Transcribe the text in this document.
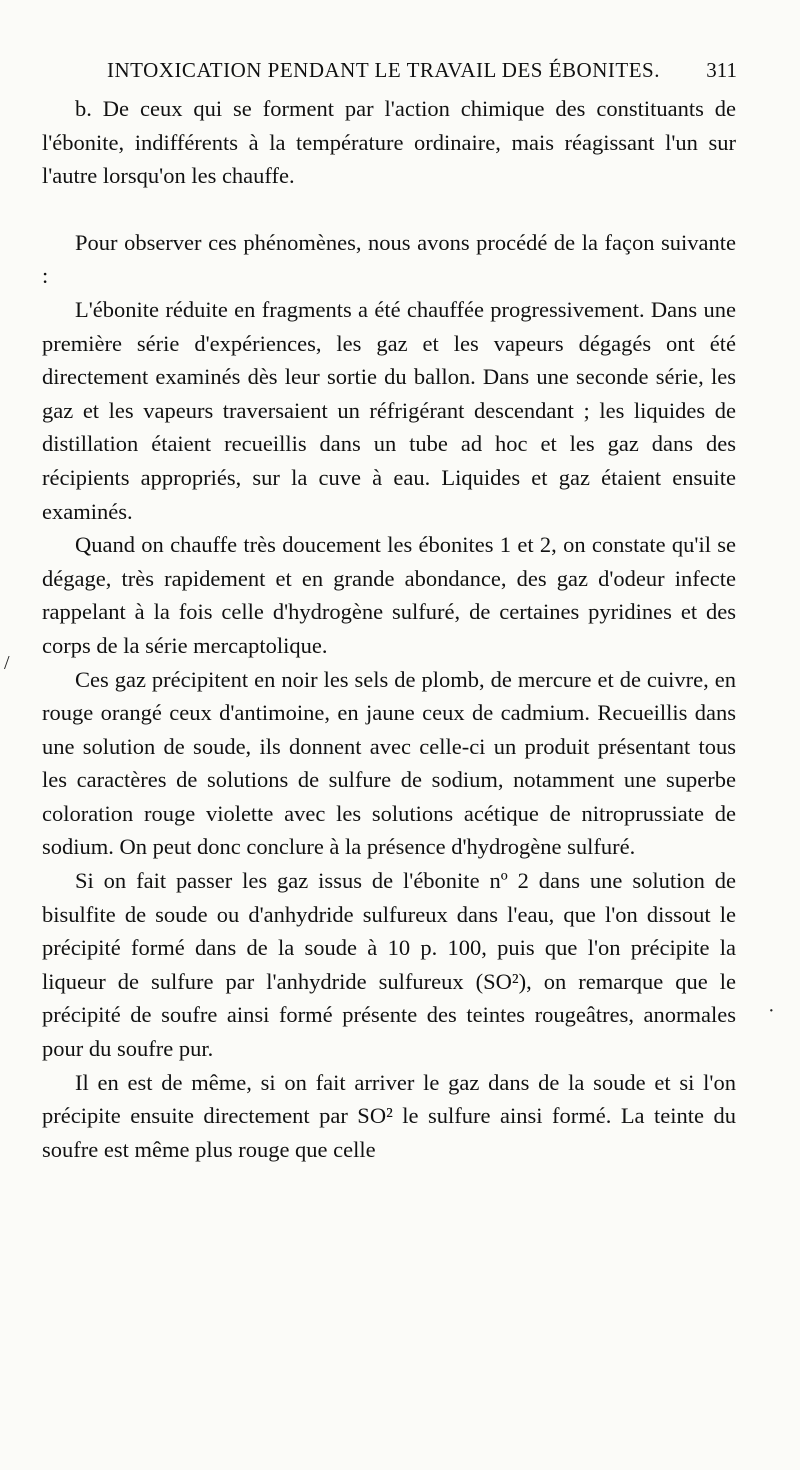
INTOXICATION PENDANT LE TRAVAIL DES ÉBONITES. 311

b. De ceux qui se forment par l'action chimique des constituants de l'ébonite, indifférents à la température ordinaire, mais réagissant l'un sur l'autre lorsqu'on les chauffe.

Pour observer ces phénomènes, nous avons procédé de la façon suivante :

L'ébonite réduite en fragments a été chauffée progressivement. Dans une première série d'expériences, les gaz et les vapeurs dégagés ont été directement examinés dès leur sortie du ballon. Dans une seconde série, les gaz et les vapeurs traversaient un réfrigérant descendant ; les liquides de distillation étaient recueillis dans un tube ad hoc et les gaz dans des récipients appropriés, sur la cuve à eau. Liquides et gaz étaient ensuite examinés.

Quand on chauffe très doucement les ébonites 1 et 2, on constate qu'il se dégage, très rapidement et en grande abondance, des gaz d'odeur infecte rappelant à la fois celle d'hydrogène sulfuré, de certaines pyridines et des corps de la série mercaptolique.

Ces gaz précipitent en noir les sels de plomb, de mercure et de cuivre, en rouge orangé ceux d'antimoine, en jaune ceux de cadmium. Recueillis dans une solution de soude, ils donnent avec celle-ci un produit présentant tous les caractères de solutions de sulfure de sodium, notamment une superbe coloration rouge violette avec les solutions acétique de nitroprussiate de sodium. On peut donc conclure à la présence d'hydrogène sulfuré.

Si on fait passer les gaz issus de l'ébonite nº 2 dans une solution de bisulfite de soude ou d'anhydride sulfureux dans l'eau, que l'on dissout le précipité formé dans de la soude à 10 p. 100, puis que l'on précipite la liqueur de sulfure par l'anhydride sulfureux (SO²), on remarque que le précipité de soufre ainsi formé présente des teintes rougeâtres, anormales pour du soufre pur.

Il en est de même, si on fait arriver le gaz dans de la soude et si l'on précipite ensuite directement par SO² le sulfure ainsi formé. La teinte du soufre est même plus rouge que celle

/
·
